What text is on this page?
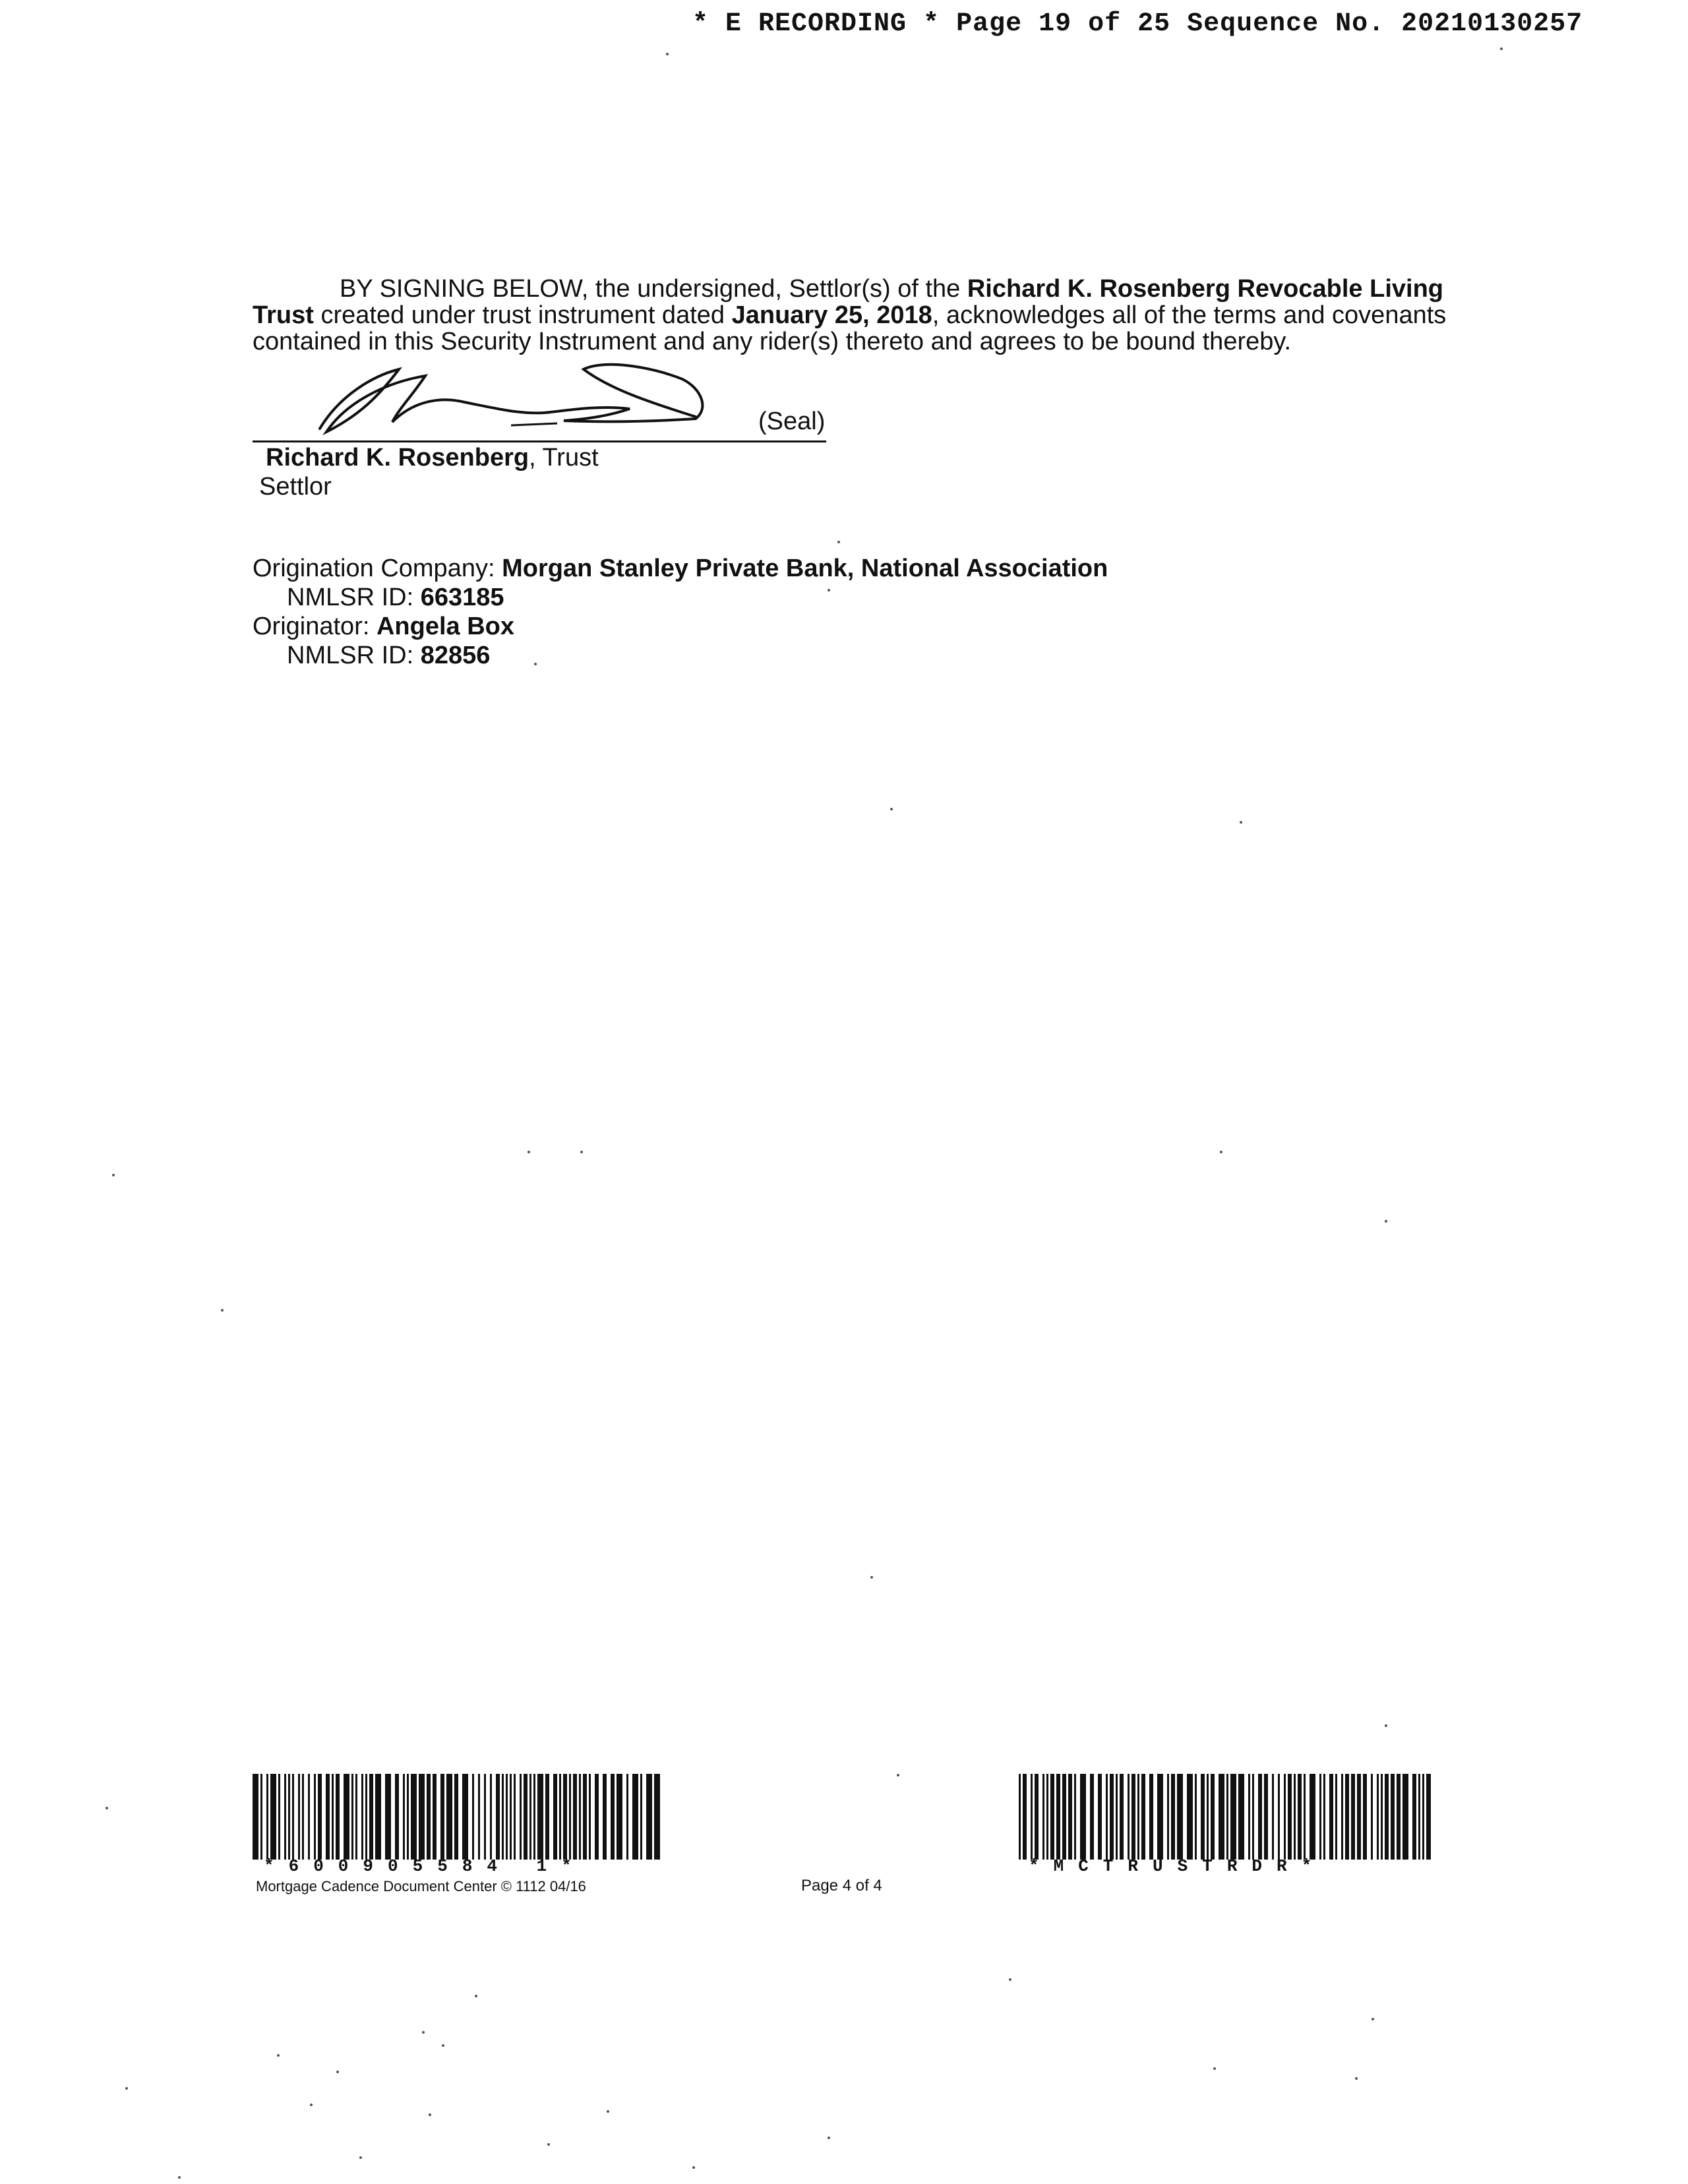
* E RECORDING * Page 19 of 25 Sequence No. 20210130257
BY SIGNING BELOW, the undersigned, Settlor(s) of the Richard K. Rosenberg Revocable Living Trust created under trust instrument dated January 25, 2018, acknowledges all of the terms and covenants contained in this Security Instrument and any rider(s) thereto and agrees to be bound thereby.
(Seal)
Richard K. Rosenberg, Trust
Settlor
Origination Company: Morgan Stanley Private Bank, National Association
NMLSR ID: 663185
Originator: Angela Box
NMLSR ID: 82856
*600905584 1*	*MCTRUSTRDR*
Mortgage Cadence Document Center © 1112 04/16	Page 4 of 4
